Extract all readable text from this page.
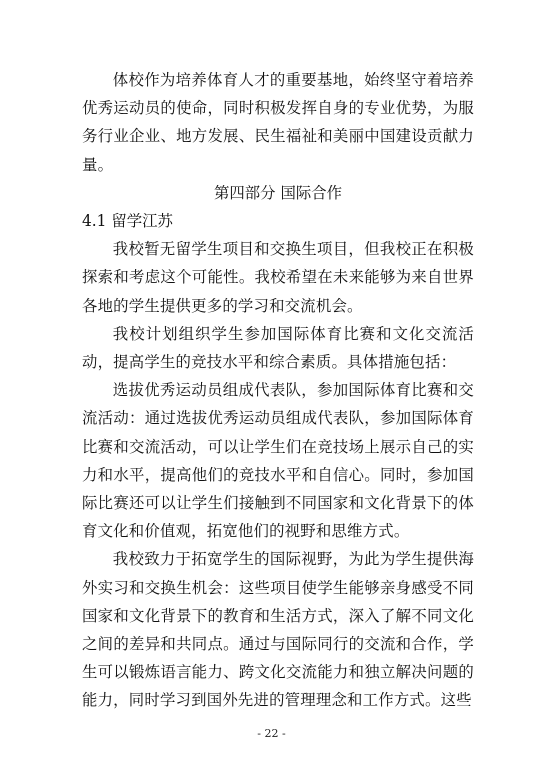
体校作为培养体育人才的重要基地，始终坚守着培养优秀运动员的使命，同时积极发挥自身的专业优势，为服务行业企业、地方发展、民生福祉和美丽中国建设贡献力量。

第四部分 国际合作

4.1 留学江苏

我校暂无留学生项目和交换生项目，但我校正在积极探索和考虑这个可能性。我校希望在未来能够为来自世界各地的学生提供更多的学习和交流机会。

我校计划组织学生参加国际体育比赛和文化交流活动，提高学生的竞技水平和综合素质。具体措施包括：

选拔优秀运动员组成代表队，参加国际体育比赛和交流活动：通过选拔优秀运动员组成代表队，参加国际体育比赛和交流活动，可以让学生们在竞技场上展示自己的实力和水平，提高他们的竞技水平和自信心。同时，参加国际比赛还可以让学生们接触到不同国家和文化背景下的体育文化和价值观，拓宽他们的视野和思维方式。

我校致力于拓宽学生的国际视野，为此为学生提供海外实习和交换生机会：这些项目使学生能够亲身感受不同国家和文化背景下的教育和生活方式，深入了解不同文化之间的差异和共同点。通过与国际同行的交流和合作，学生可以锻炼语言能力、跨文化交流能力和独立解决问题的能力，同时学习到国外先进的管理理念和工作方式。这些

- 22 -
